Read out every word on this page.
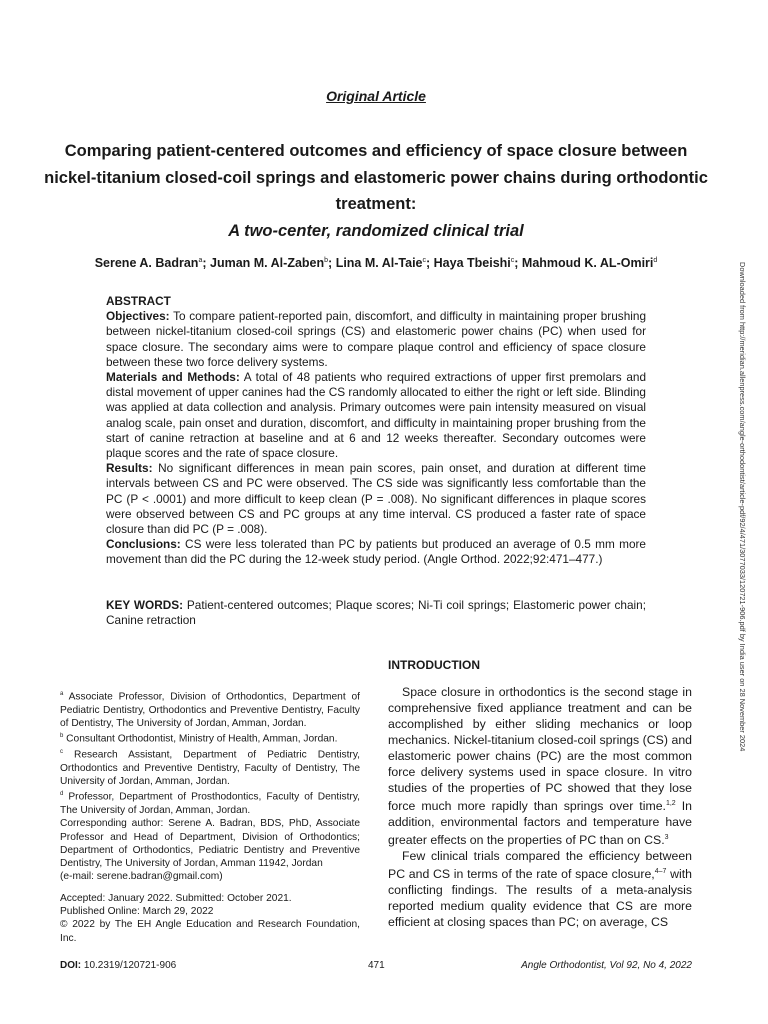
Original Article
Comparing patient-centered outcomes and efficiency of space closure between nickel-titanium closed-coil springs and elastomeric power chains during orthodontic treatment:
A two-center, randomized clinical trial
Serene A. Badran$^a$; Juman M. Al-Zaben$^b$; Lina M. Al-Taie$^c$; Haya Tbeishi$^c$; Mahmoud K. AL-Omiri$^d$
ABSTRACT

Objectives: To compare patient-reported pain, discomfort, and difficulty in maintaining proper brushing between nickel-titanium closed-coil springs (CS) and elastomeric power chains (PC) when used for space closure. The secondary aims were to compare plaque control and efficiency of space closure between these two force delivery systems.

Materials and Methods: A total of 48 patients who required extractions of upper first premolars and distal movement of upper canines had the CS randomly allocated to either the right or left side. Blinding was applied at data collection and analysis. Primary outcomes were pain intensity measured on visual analog scale, pain onset and duration, discomfort, and difficulty in maintaining proper brushing from the start of canine retraction at baseline and at 6 and 12 weeks thereafter. Secondary outcomes were plaque scores and the rate of space closure.

Results: No significant differences in mean pain scores, pain onset, and duration at different time intervals between CS and PC were observed. The CS side was significantly less comfortable than the PC (P < .0001) and more difficult to keep clean (P = .008). No significant differences in plaque scores were observed between CS and PC groups at any time interval. CS produced a faster rate of space closure than did PC (P = .008).

Conclusions: CS were less tolerated than PC by patients but produced an average of 0.5 mm more movement than did the PC during the 12-week study period. (Angle Orthod. 2022;92:471–477.)

KEY WORDS: Patient-centered outcomes; Plaque scores; Ni-Ti coil springs; Elastomeric power chain; Canine retraction

$^a$ Associate Professor, Division of Orthodontics, Department of Pediatric Dentistry, Orthodontics and Preventive Dentistry, Faculty of Dentistry, The University of Jordan, Amman, Jordan.

$^b$ Consultant Orthodontist, Ministry of Health, Amman, Jordan.

$^c$ Research Assistant, Department of Pediatric Dentistry, Orthodontics and Preventive Dentistry, Faculty of Dentistry, The University of Jordan, Amman, Jordan.

$^d$ Professor, Department of Prosthodontics, Faculty of Dentistry, The University of Jordan, Amman, Jordan.

Corresponding author: Serene A. Badran, BDS, PhD, Associate Professor and Head of Department, Division of Orthodontics; Department of Orthodontics, Pediatric Dentistry and Preventive Dentistry, The University of Jordan, Amman 11942, Jordan

(e-mail: serene.badran@gmail.com)

Accepted: January 2022. Submitted: October 2021.

Published Online: March 29, 2022

© 2022 by The EH Angle Education and Research Foundation, Inc.

INTRODUCTION

Space closure in orthodontics is the second stage in comprehensive fixed appliance treatment and can be accomplished by either sliding mechanics or loop mechanics. Nickel-titanium closed-coil springs (CS) and elastomeric power chains (PC) are the most common force delivery systems used in space closure. In vitro studies of the properties of PC showed that they lose force much more rapidly than springs over time.$^{1,2}$ In addition, environmental factors and temperature have greater effects on the properties of PC than on CS.$^3$

Few clinical trials compared the efficiency between PC and CS in terms of the rate of space closure,$^{4-7}$ with conflicting findings. The results of a meta-analysis reported medium quality evidence that CS are more efficient at closing spaces than PC; on average, CS

DOI: 10.2319/120721-906	471	Angle Orthodontist, Vol 92, No 4, 2022
Downloaded from http://meridian.allenpress.com/angle-orthodontist/article-pdf/92/4/471/3077033/120721-906.pdf by India user on 28 November 2024
